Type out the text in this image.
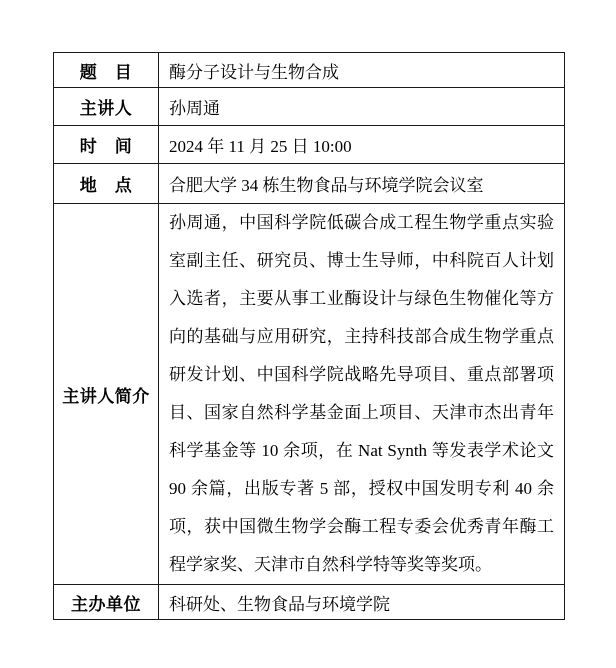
题　目	酶分子设计与生物合成
主讲人	孙周通
时　间	2024 年 11 月 25 日 10:00
地　点	合肥大学 34 栋生物食品与环境学院会议室
主讲人简介	孙周通，中国科学院低碳合成工程生物学重点实验室副主任、研究员、博士生导师，中科院百人计划入选者，主要从事工业酶设计与绿色生物催化等方向的基础与应用研究，主持科技部合成生物学重点研发计划、中国科学院战略先导项目、重点部署项目、国家自然科学基金面上项目、天津市杰出青年科学基金等 10 余项，在 Nat Synth 等发表学术论文 90 余篇，出版专著 5 部，授权中国发明专利 40 余项，获中国微生物学会酶工程专委会优秀青年酶工程学家奖、天津市自然科学特等奖等奖项。
主办单位	科研处、生物食品与环境学院
